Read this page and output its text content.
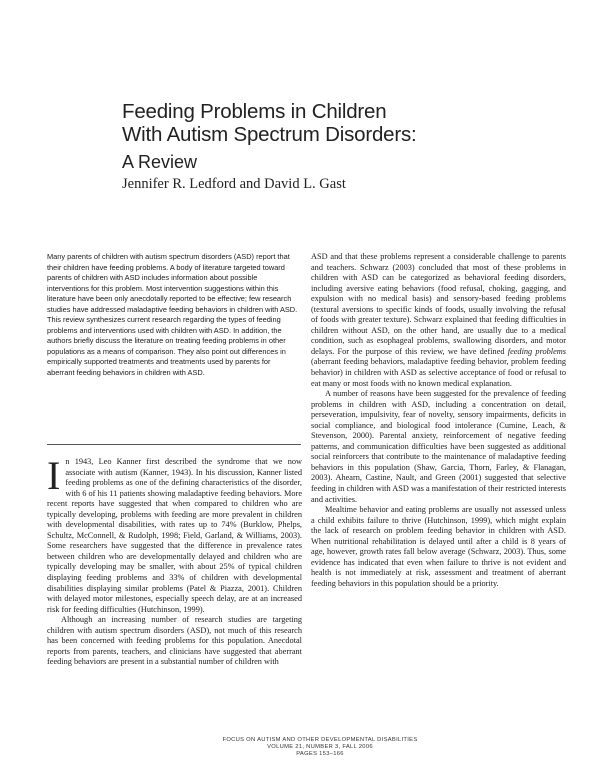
Feeding Problems in Children
With Autism Spectrum Disorders:
A Review
Jennifer R. Ledford and David L. Gast

Many parents of children with autism spectrum disorders (ASD) report that their children have feeding problems. A body of literature targeted toward parents of children with ASD includes information about possible interventions for this problem. Most intervention suggestions within this literature have been only anecdotally reported to be effective; few research studies have addressed maladaptive feeding behaviors in children with ASD. This review synthesizes current research regarding the types of feeding problems and interventions used with children with ASD. In addition, the authors briefly discuss the literature on treating feeding problems in other populations as a means of comparison. They also point out differences in empirically supported treatments and treatments used by parents for aberrant feeding behaviors in children with ASD.

In 1943, Leo Kanner first described the syndrome that we now associate with autism (Kanner, 1943). In his discussion, Kanner listed feeding problems as one of the defining characteristics of the disorder, with 6 of his 11 patients showing maladaptive feeding behaviors. More recent reports have suggested that when compared to children who are typically developing, problems with feeding are more prevalent in children with developmental disabilities, with rates up to 74% (Burklow, Phelps, Schultz, McConnell, & Rudolph, 1998; Field, Garland, & Williams, 2003). Some researchers have suggested that the difference in prevalence rates between children who are developmentally delayed and children who are typically developing may be smaller, with about 25% of typical children displaying feeding problems and 33% of children with developmental disabilities displaying similar problems (Patel & Piazza, 2001). Children with delayed motor milestones, especially speech delay, are at an increased risk for feeding difficulties (Hutchinson, 1999).

Although an increasing number of research studies are targeting children with autism spectrum disorders (ASD), not much of this research has been concerned with feeding problems for this population. Anecdotal reports from parents, teachers, and clinicians have suggested that aberrant feeding behaviors are present in a substantial number of children with

ASD and that these problems represent a considerable challenge to parents and teachers. Schwarz (2003) concluded that most of these problems in children with ASD can be categorized as behavioral feeding disorders, including aversive eating behaviors (food refusal, choking, gagging, and expulsion with no medical basis) and sensory-based feeding problems (textural aversions to specific kinds of foods, usually involving the refusal of foods with greater texture). Schwarz explained that feeding difficulties in children without ASD, on the other hand, are usually due to a medical condition, such as esophageal problems, swallowing disorders, and motor delays. For the purpose of this review, we have defined feeding problems (aberrant feeding behaviors, maladaptive feeding behavior, problem feeding behavior) in children with ASD as selective acceptance of food or refusal to eat many or most foods with no known medical explanation.

A number of reasons have been suggested for the prevalence of feeding problems in children with ASD, including a concentration on detail, perseveration, impulsivity, fear of novelty, sensory impairments, deficits in social compliance, and biological food intolerance (Cumine, Leach, & Stevenson, 2000). Parental anxiety, reinforcement of negative feeding patterns, and communication difficulties have been suggested as additional social reinforcers that contribute to the maintenance of maladaptive feeding behaviors in this population (Shaw, Garcia, Thorn, Farley, & Flanagan, 2003). Ahearn, Castine, Nault, and Green (2001) suggested that selective feeding in children with ASD was a manifestation of their restricted interests and activities.

Mealtime behavior and eating problems are usually not assessed unless a child exhibits failure to thrive (Hutchinson, 1999), which might explain the lack of research on problem feeding behavior in children with ASD. When nutritional rehabilitation is delayed until after a child is 8 years of age, however, growth rates fall below average (Schwarz, 2003). Thus, some evidence has indicated that even when failure to thrive is not evident and health is not immediately at risk, assessment and treatment of aberrant feeding behaviors in this population should be a priority.

FOCUS ON AUTISM AND OTHER DEVELOPMENTAL DISABILITIES
VOLUME 21, NUMBER 3, FALL 2006
PAGES 153–166
